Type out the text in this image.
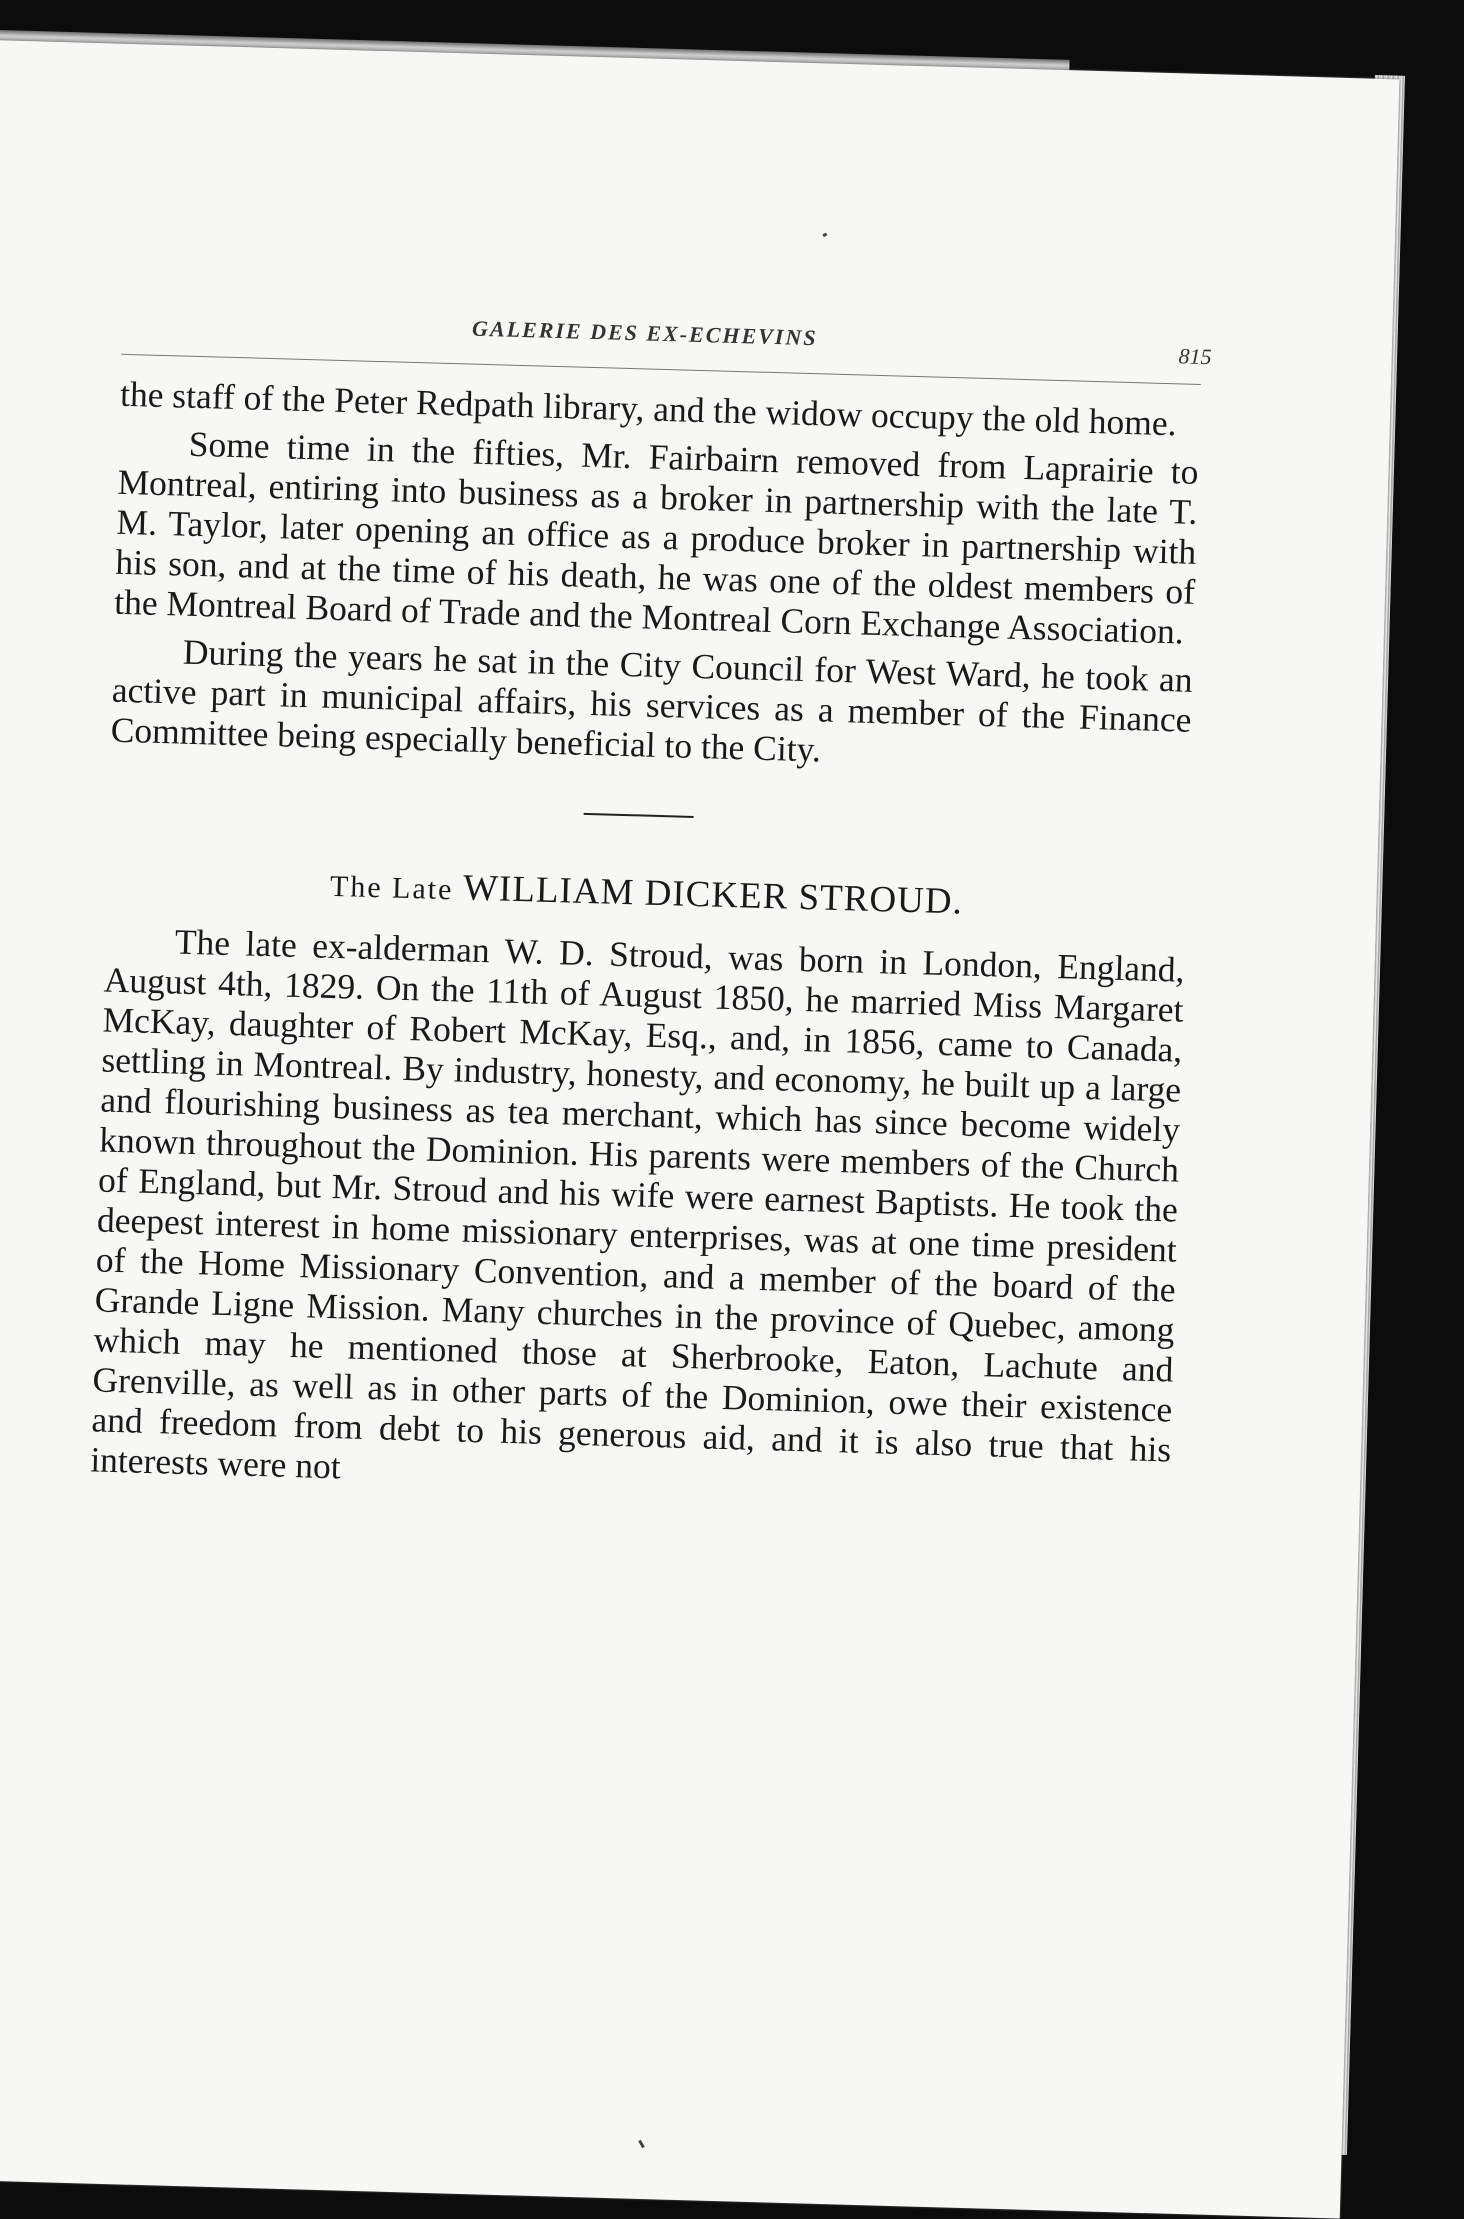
GALERIE DES EX-ECHEVINS
815

the staff of the Peter Redpath library, and the widow occupy the old home.

Some time in the fifties, Mr. Fairbairn removed from Laprairie to Montreal, entiring into business as a broker in partnership with the late T. M. Taylor, later opening an office as a produce broker in partnership with his son, and at the time of his death, he was one of the oldest members of the Montreal Board of Trade and the Montreal Corn Exchange Association.

During the years he sat in the City Council for West Ward, he took an active part in municipal affairs, his services as a member of the Finance Committee being especially beneficial to the City.

The Late WILLIAM DICKER STROUD.

The late ex-alderman W. D. Stroud, was born in London, England, August 4th, 1829. On the 11th of August 1850, he married Miss Margaret McKay, daughter of Robert McKay, Esq., and, in 1856, came to Canada, settling in Montreal. By industry, honesty, and economy, he built up a large and flourishing business as tea merchant, which has since become widely known throughout the Dominion. His parents were members of the Church of England, but Mr. Stroud and his wife were earnest Baptists. He took the deepest interest in home missionary enterprises, was at one time president of the Home Missionary Convention, and a member of the board of the Grande Ligne Mission. Many churches in the province of Quebec, among which may he mentioned those at Sherbrooke, Eaton, Lachute and Grenville, as well as in other parts of the Dominion, owe their existence and freedom from debt to his generous aid, and it is also true that his interests were not
